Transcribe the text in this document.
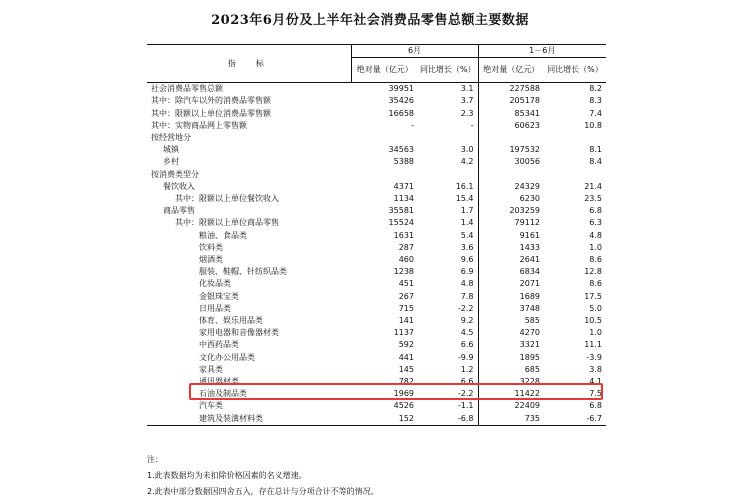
2023年6月份及上半年社会消费品零售总额主要数据
指　标	6月		1－6月	
	绝对量（亿元）	同比增长（%）	绝对量（亿元）	同比增长（%）
社会消费品零售总额	39951	3.1	227588	8.2
其中：除汽车以外的消费品零售额	35426	3.7	205178	8.3
其中：限额以上单位消费品零售额	16658	2.3	85341	7.4
其中：实物商品网上零售额	-	-	60623	10.8
按经营地分				
城镇	34563	3.0	197532	8.1
乡村	5388	4.2	30056	8.4
按消费类型分				
餐饮收入	4371	16.1	24329	21.4
其中：限额以上单位餐饮收入	1134	15.4	6230	23.5
商品零售	35581	1.7	203259	6.8
其中：限额以上单位商品零售	15524	1.4	79112	6.3
粮油、食品类	1631	5.4	9161	4.8
饮料类	287	3.6	1433	1.0
烟酒类	460	9.6	2641	8.6
服装、鞋帽、针纺织品类	1238	6.9	6834	12.8
化妆品类	451	4.8	2071	8.6
金银珠宝类	267	7.8	1689	17.5
日用品类	715	-2.2	3748	5.0
体育、娱乐用品类	141	9.2	585	10.5
家用电器和音像器材类	1137	4.5	4270	1.0
中西药品类	592	6.6	3321	11.1
文化办公用品类	441	-9.9	1895	-3.9
家具类	145	1.2	685	3.8
通讯器材类	782	6.6	3228	4.1
石油及制品类	1969	-2.2	11422	7.5
汽车类	4526	-1.1	22409	6.8
建筑及装潢材料类	152	-6.8	735	-6.7
注：
1.此表数据均为未扣除价格因素的名义增速。
2.此表中部分数据因四舍五入，存在总计与分项合计不等的情况。
